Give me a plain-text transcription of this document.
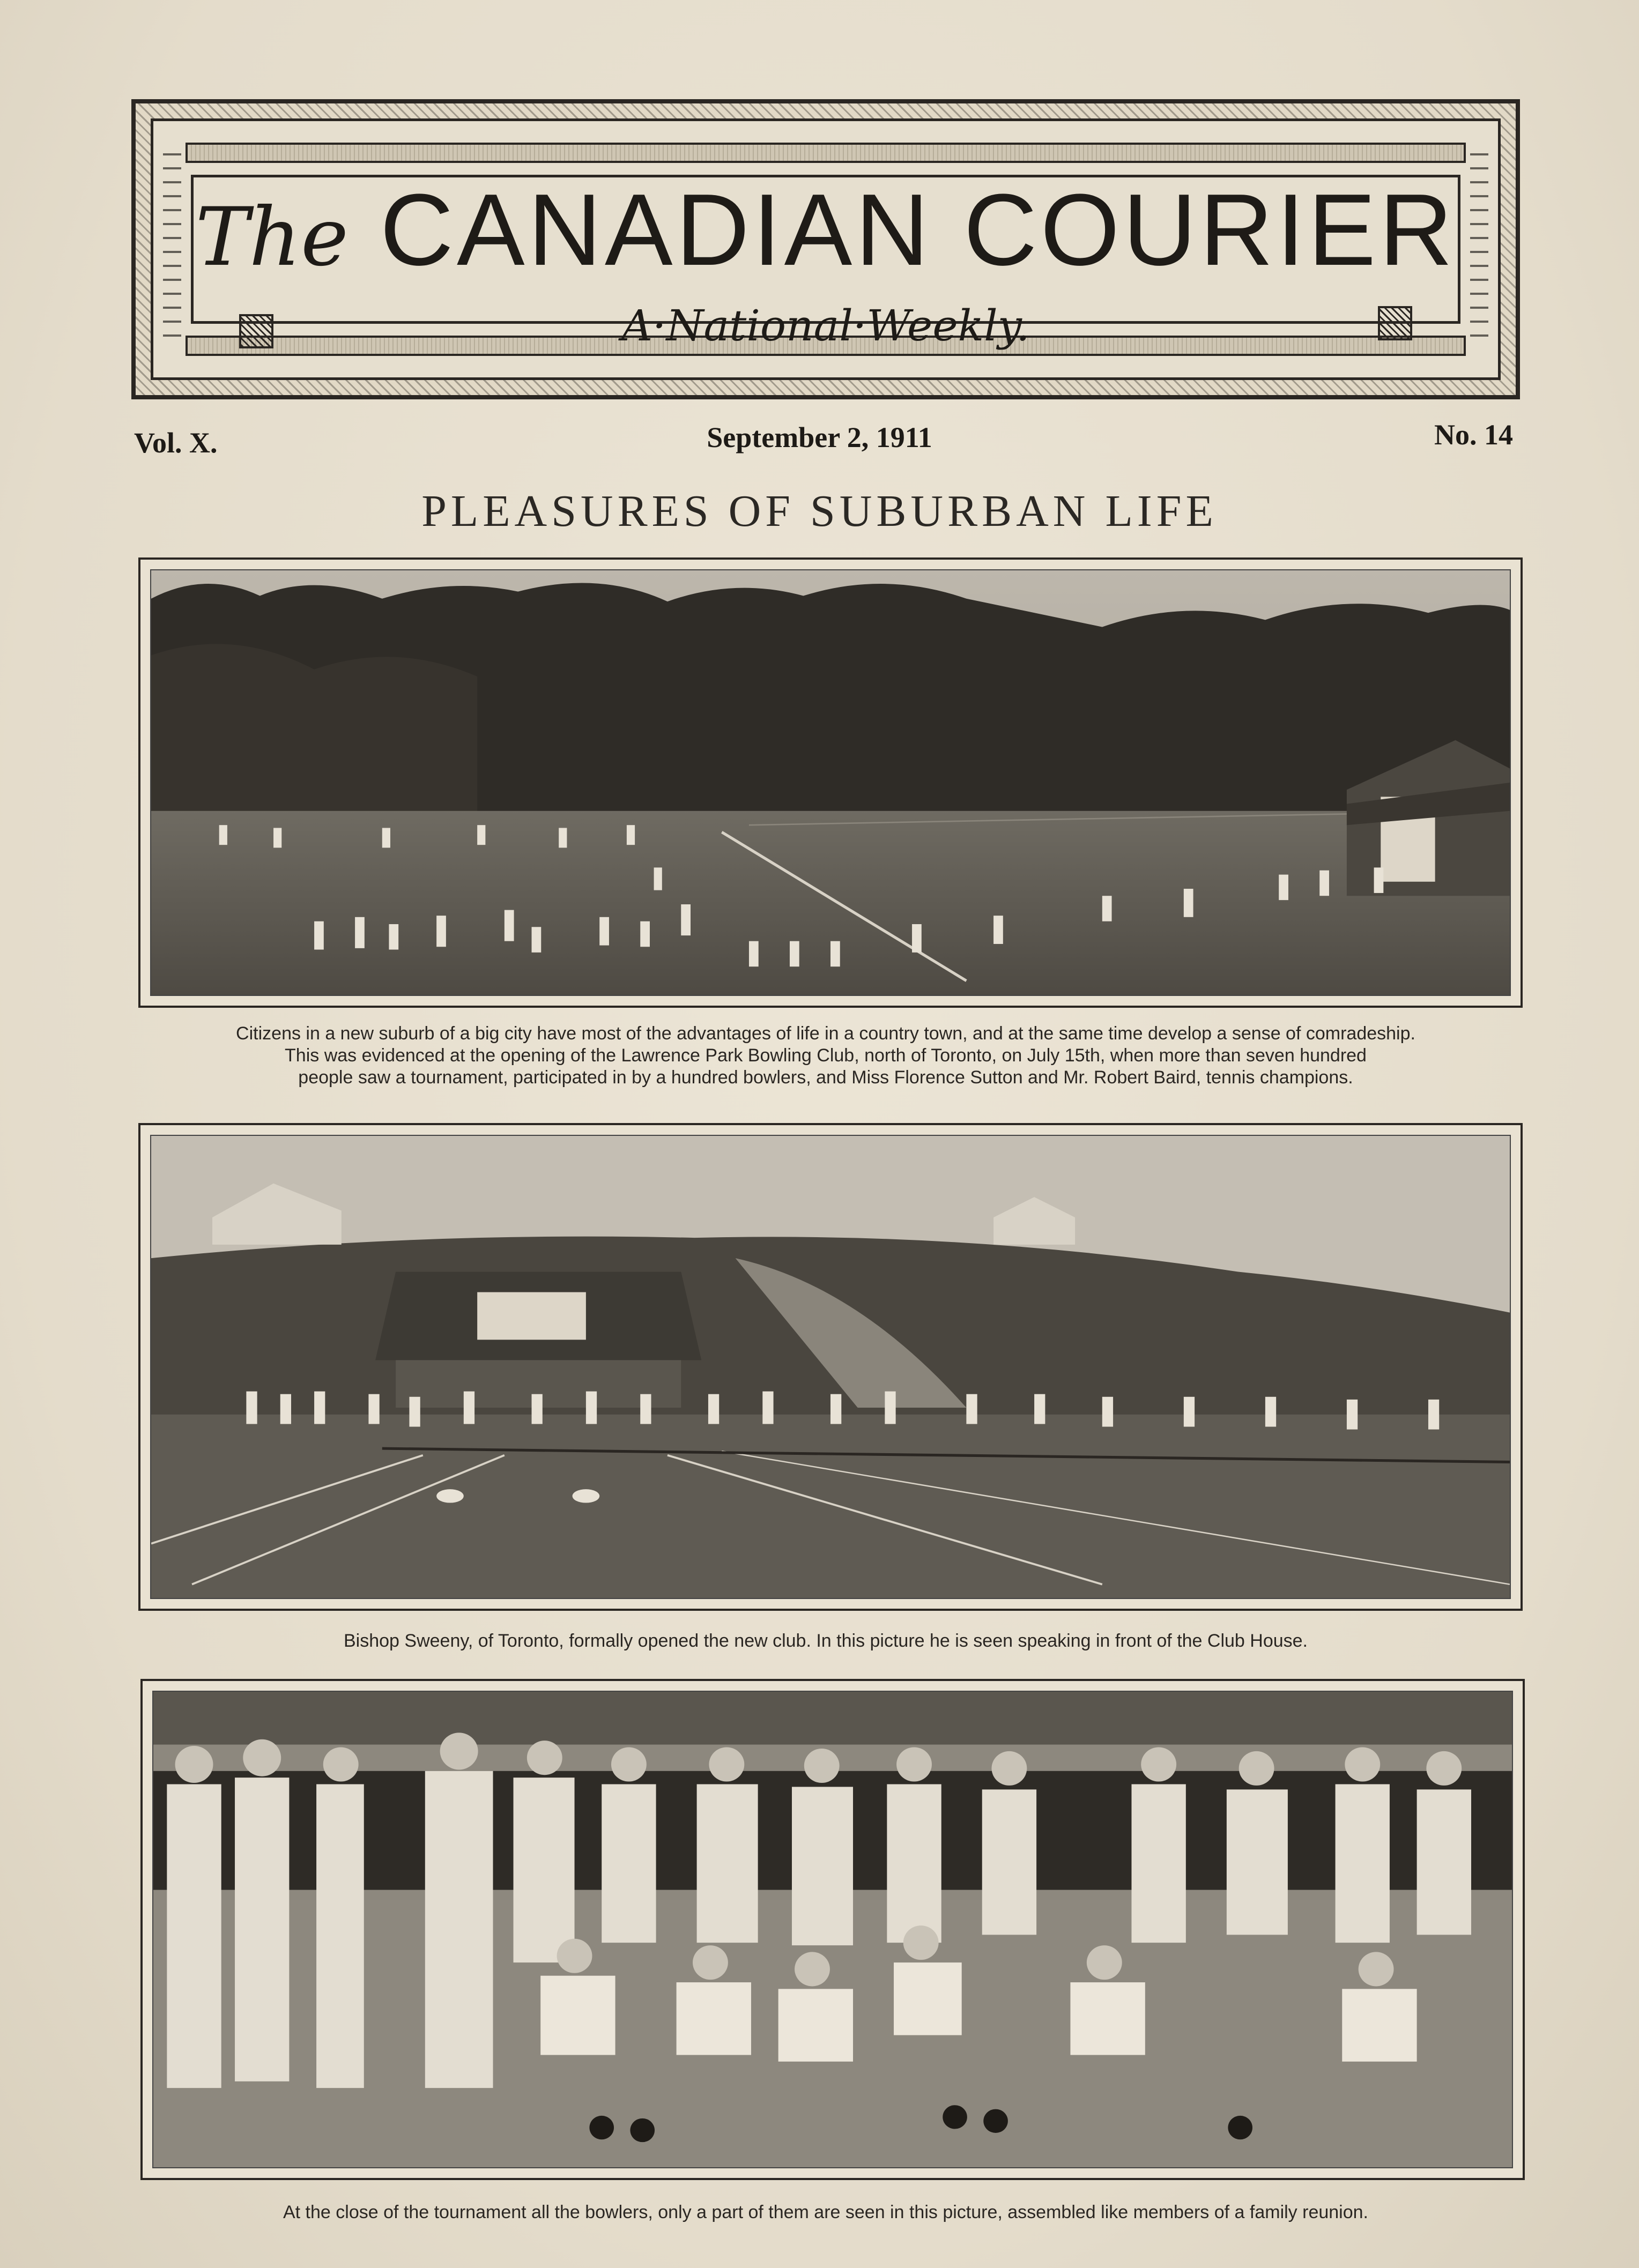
The CANADIAN COURIER
A·National·Weekly.
Vol. X.	September 2, 1911	No. 14
PLEASURES OF SUBURBAN LIFE
Citizens in a new suburb of a big city have most of the advantages of life in a country town, and at the same time develop a sense of comradeship.
This was evidenced at the opening of the Lawrence Park Bowling Club, north of Toronto, on July 15th, when more than seven hundred
people saw a tournament, participated in by a hundred bowlers, and Miss Florence Sutton and Mr. Robert Baird, tennis champions.
Bishop Sweeny, of Toronto, formally opened the new club. In this picture he is seen speaking in front of the Club House.
At the close of the tournament all the bowlers, only a part of them are seen in this picture, assembled like members of a family reunion.
